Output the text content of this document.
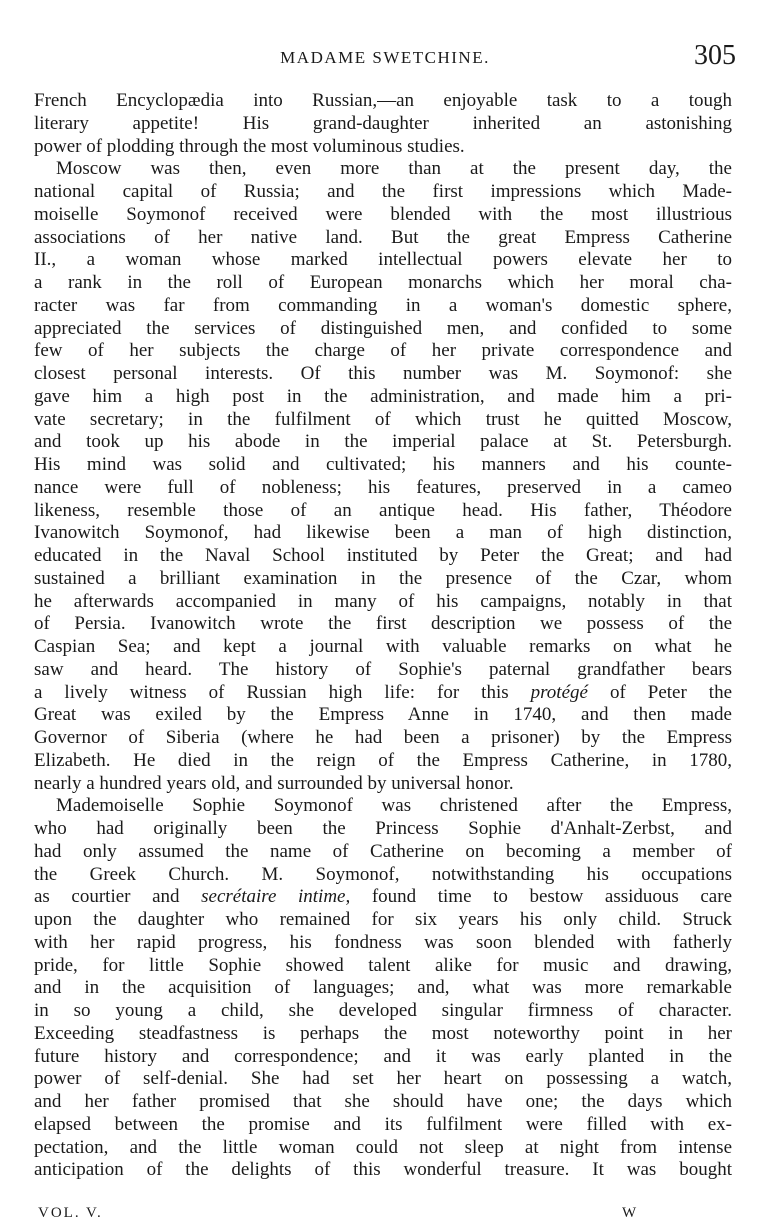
MADAME SWETCHINE.	305
French Encyclopædia into Russian,—an enjoyable task to a tough
literary appetite! His grand-daughter inherited an astonishing
power of plodding through the most voluminous studies.
Moscow was then, even more than at the present day, the
national capital of Russia; and the first impressions which Made-
moiselle Soymonof received were blended with the most illustrious
associations of her native land. But the great Empress Catherine
II., a woman whose marked intellectual powers elevate her to
a rank in the roll of European monarchs which her moral cha-
racter was far from commanding in a woman's domestic sphere,
appreciated the services of distinguished men, and confided to some
few of her subjects the charge of her private correspondence and
closest personal interests. Of this number was M. Soymonof: she
gave him a high post in the administration, and made him a pri-
vate secretary; in the fulfilment of which trust he quitted Moscow,
and took up his abode in the imperial palace at St. Petersburgh.
His mind was solid and cultivated; his manners and his counte-
nance were full of nobleness; his features, preserved in a cameo
likeness, resemble those of an antique head. His father, Théodore
Ivanowitch Soymonof, had likewise been a man of high distinction,
educated in the Naval School instituted by Peter the Great; and had
sustained a brilliant examination in the presence of the Czar, whom
he afterwards accompanied in many of his campaigns, notably in that
of Persia. Ivanowitch wrote the first description we possess of the
Caspian Sea; and kept a journal with valuable remarks on what he
saw and heard. The history of Sophie's paternal grandfather bears
a lively witness of Russian high life: for this protégé of Peter the
Great was exiled by the Empress Anne in 1740, and then made
Governor of Siberia (where he had been a prisoner) by the Empress
Elizabeth. He died in the reign of the Empress Catherine, in 1780,
nearly a hundred years old, and surrounded by universal honor.
Mademoiselle Sophie Soymonof was christened after the Empress,
who had originally been the Princess Sophie d'Anhalt-Zerbst, and
had only assumed the name of Catherine on becoming a member of
the Greek Church. M. Soymonof, notwithstanding his occupations
as courtier and secrétaire intime, found time to bestow assiduous care
upon the daughter who remained for six years his only child. Struck
with her rapid progress, his fondness was soon blended with fatherly
pride, for little Sophie showed talent alike for music and drawing,
and in the acquisition of languages; and, what was more remarkable
in so young a child, she developed singular firmness of character.
Exceeding steadfastness is perhaps the most noteworthy point in her
future history and correspondence; and it was early planted in the
power of self-denial. She had set her heart on possessing a watch,
and her father promised that she should have one; the days which
elapsed between the promise and its fulfilment were filled with ex-
pectation, and the little woman could not sleep at night from intense
anticipation of the delights of this wonderful treasure. It was bought
VOL. V.	W
